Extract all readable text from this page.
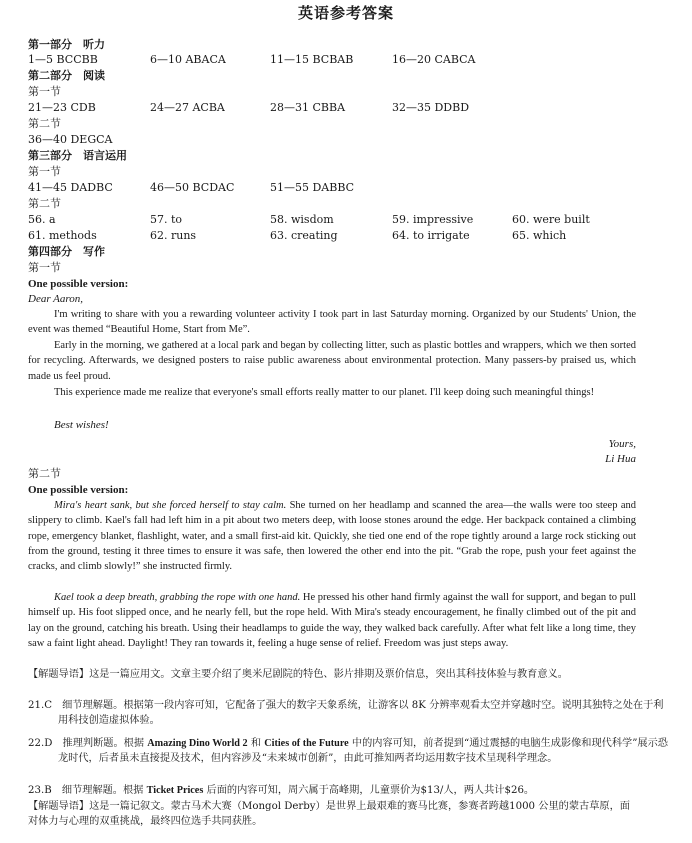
英语参考答案
第一部分　听力
1—5 BCCBB	6—10 ABACA	11—15 BCBAB	16—20 CABCA
第二部分　阅读
第一节
21—23 CDB	24—27 ACBA	28—31 CBBA	32—35 DDBD
第二节
36—40 DEGCA
第三部分　语言运用
第一节
41—45 DADBC	46—50 BCDAC	51—55 DABBC
第二节
56. a	57. to	58. wisdom	59. impressive	60. were built
61. methods	62. runs	63. creating	64. to irrigate	65. which
第四部分　写作
第一节
One possible version:
Dear Aaron,
I'm writing to share with you a rewarding volunteer activity I took part in last Saturday morning. Organized by our Students' Union, the event was themed “Beautiful Home, Start from Me”.
Early in the morning, we gathered at a local park and began by collecting litter, such as plastic bottles and wrappers, which we then sorted for recycling. Afterwards, we designed posters to raise public awareness about environmental protection. Many passers-by praised us, which made us feel proud.
This experience made me realize that everyone's small efforts really matter to our planet. I'll keep doing such meaningful things!
Best wishes!
Yours,
Li Hua
第二节
One possible version:
Mira's heart sank, but she forced herself to stay calm. She turned on her headlamp and scanned the area—the walls were too steep and slippery to climb. Kael's fall had left him in a pit about two meters deep, with loose stones around the edge. Her backpack contained a climbing rope, emergency blanket, flashlight, water, and a small first-aid kit. Quickly, she tied one end of the rope tightly around a large rock sticking out from the ground, testing it three times to ensure it was safe, then lowered the other end into the pit. “Grab the rope, push your feet against the cracks, and climb slowly!” she instructed firmly.
Kael took a deep breath, grabbing the rope with one hand. He pressed his other hand firmly against the wall for support, and began to pull himself up. His foot slipped once, and he nearly fell, but the rope held. With Mira's steady encouragement, he finally climbed out of the pit and lay on the ground, catching his breath. Using their headlamps to guide the way, they walked back carefully. After what felt like a long time, they saw a faint light ahead. Daylight! They ran towards it, feeling a huge sense of relief. Freedom was just steps away.
【解题导语】这是一篇应用文。文章主要介绍了奥米尼剧院的特色、影片排期及票价信息，突出其科技体验与教育意义。
21.C　细节理解题。根据第一段内容可知，它配备了强大的数字天象系统，让游客以 8K 分辨率观看太空并穿越时空。说明其独特之处在于利用科技创造虚拟体验。
22.D　推理判断题。根据 Amazing Dino World 2 和 Cities of the Future 中的内容可知，前者提到“通过震撼的电脑生成影像和现代科学”展示恐龙时代，后者虽未直接提及技术，但内容涉及“未来城市创新”，由此可推知两者均运用数字技术呈现科学理念。
23.B　细节理解题。根据 Ticket Prices 后面的内容可知，周六属于高峰期，儿童票价为$13/人，两人共计$26。
【解题导语】这是一篇记叙文。蒙古马术大赛（Mongol Derby）是世界上最艰难的赛马比赛，参赛者跨越1000 公里的蒙古草原，面对体力与心理的双重挑战，最终四位选手共同获胜。
